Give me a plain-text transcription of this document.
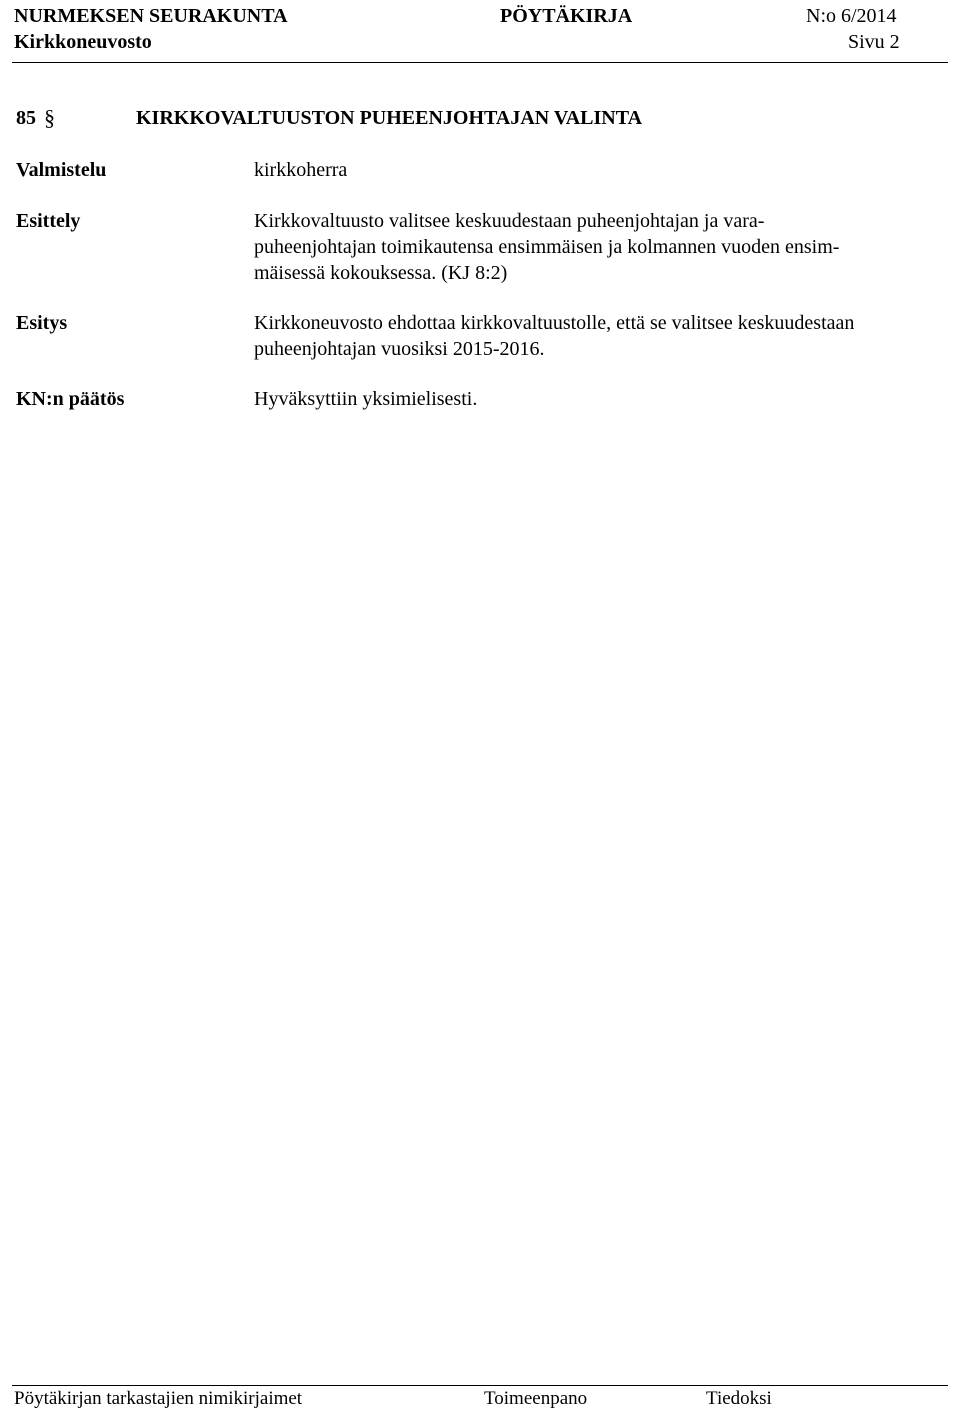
NURMEKSEN SEURAKUNTA	PÖYTÄKIRJA	N:o 6/2014
Kirkkoneuvosto	Sivu 2
85 §	KIRKKOVALTUUSTON PUHEENJOHTAJAN VALINTA
Valmistelu	kirkkoherra
Esittely	Kirkkovaltuusto valitsee keskuudestaan puheenjohtajan ja vara-
puheenjohtajan toimikautensa ensimmäisen ja kolmannen vuoden ensim-
mäisessä kokouksessa. (KJ 8:2)
Esitys	Kirkkoneuvosto ehdottaa kirkkovaltuustolle, että se valitsee keskuudestaan
puheenjohtajan vuosiksi 2015-2016.
KN:n päätös	Hyväksyttiin yksimielisesti.
Pöytäkirjan tarkastajien nimikirjaimet	Toimeenpano	Tiedoksi
